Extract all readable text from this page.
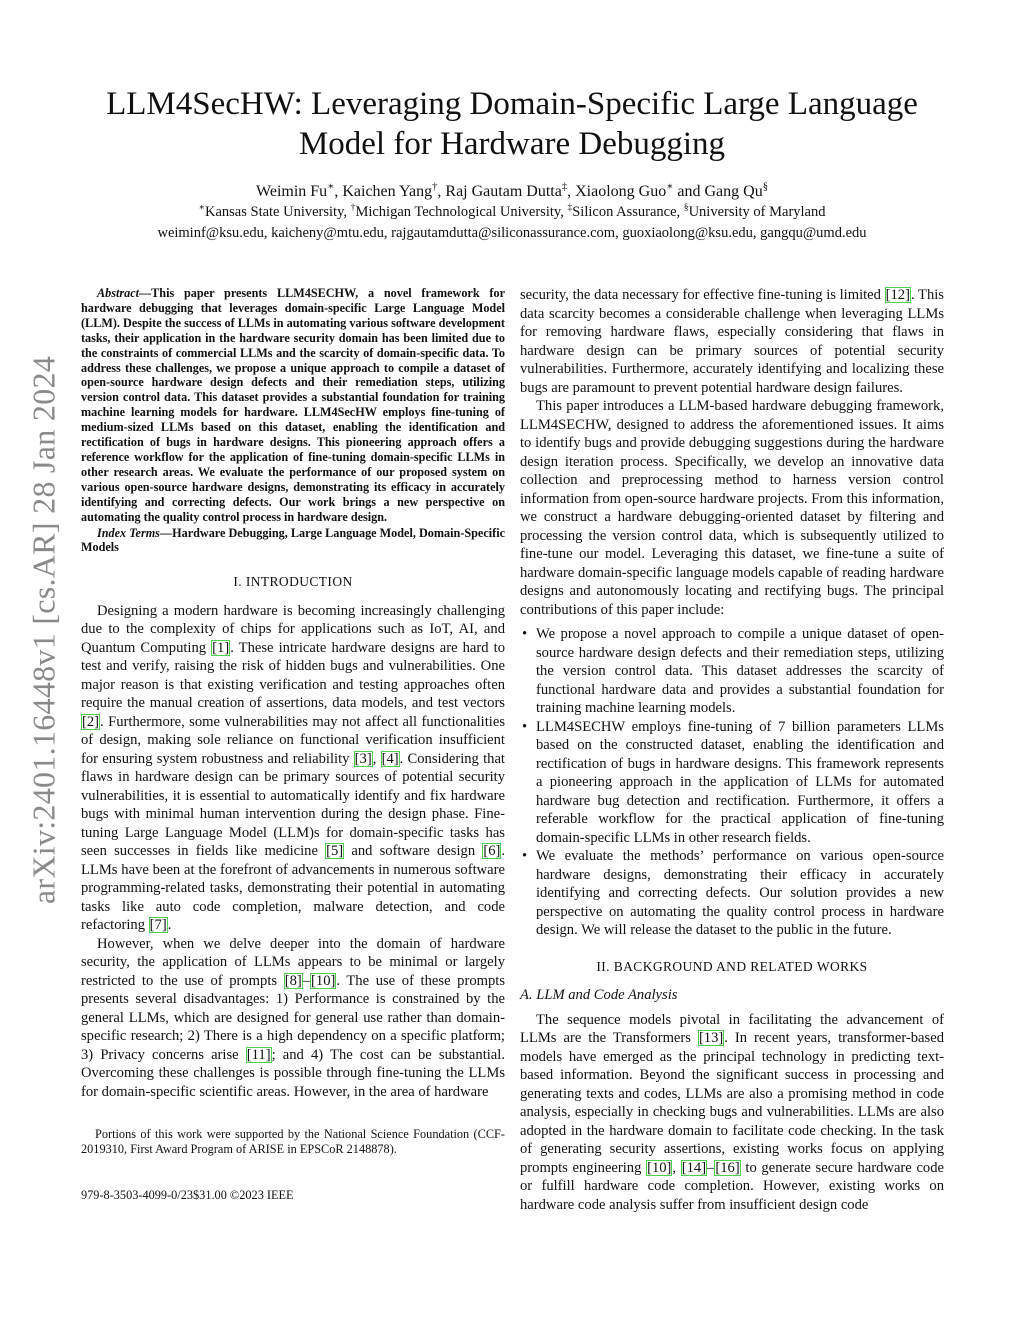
arXiv:2401.16448v1 [cs.AR] 28 Jan 2024
LLM4SecHW: Leveraging Domain-Specific Large Language
Model for Hardware Debugging
Weimin Fu∗, Kaichen Yang†, Raj Gautam Dutta‡, Xiaolong Guo∗ and Gang Qu§
∗Kansas State University, †Michigan Technological University, ‡Silicon Assurance, §University of Maryland
weiminf@ksu.edu, kaicheny@mtu.edu, rajgautamdutta@siliconassurance.com, guoxiaolong@ksu.edu, gangqu@umd.edu

Abstract—This paper presents LLM4SECHW, a novel framework for hardware debugging that leverages domain-specific Large Language Model (LLM). Despite the success of LLMs in automating various software development tasks, their application in the hardware security domain has been limited due to the constraints of commercial LLMs and the scarcity of domain-specific data. To address these challenges, we propose a unique approach to compile a dataset of open-source hardware design defects and their remediation steps, utilizing version control data. This dataset provides a substantial foundation for training machine learning models for hardware. LLM4SecHW employs fine-tuning of medium-sized LLMs based on this dataset, enabling the identification and rectification of bugs in hardware designs. This pioneering approach offers a reference workflow for the application of fine-tuning domain-specific LLMs in other research areas. We evaluate the performance of our proposed system on various open-source hardware designs, demonstrating its efficacy in accurately identifying and correcting defects. Our work brings a new perspective on automating the quality control process in hardware design.

Index Terms—Hardware Debugging, Large Language Model, Domain-Specific Models

I. INTRODUCTION

Designing a modern hardware is becoming increasingly challenging due to the complexity of chips for applications such as IoT, AI, and Quantum Computing [1]. These intricate hardware designs are hard to test and verify, raising the risk of hidden bugs and vulnerabilities. One major reason is that existing verification and testing approaches often require the manual creation of assertions, data models, and test vectors [2]. Furthermore, some vulnerabilities may not affect all functionalities of design, making sole reliance on functional verification insufficient for ensuring system robustness and reliability [3], [4]. Considering that flaws in hardware design can be primary sources of potential security vulnerabilities, it is essential to automatically identify and fix hardware bugs with minimal human intervention during the design phase. Fine-tuning Large Language Model (LLM)s for domain-specific tasks has seen successes in fields like medicine [5] and software design [6]. LLMs have been at the forefront of advancements in numerous software programming-related tasks, demonstrating their potential in automating tasks like auto code completion, malware detection, and code refactoring [7].

However, when we delve deeper into the domain of hardware security, the application of LLMs appears to be minimal or largely restricted to the use of prompts [8]–[10]. The use of these prompts presents several disadvantages: 1) Performance is constrained by the general LLMs, which are designed for general use rather than domain-specific research; 2) There is a high dependency on a specific platform; 3) Privacy concerns arise [11]; and 4) The cost can be substantial. Overcoming these challenges is possible through fine-tuning the LLMs for domain-specific scientific areas. However, in the area of hardware

Portions of this work were supported by the National Science Foundation (CCF-2019310, First Award Program of ARISE in EPSCoR 2148878).

979-8-3503-4099-0/23$31.00 ©2023 IEEE

security, the data necessary for effective fine-tuning is limited [12]. This data scarcity becomes a considerable challenge when leveraging LLMs for removing hardware flaws, especially considering that flaws in hardware design can be primary sources of potential security vulnerabilities. Furthermore, accurately identifying and localizing these bugs are paramount to prevent potential hardware design failures.

This paper introduces a LLM-based hardware debugging framework, LLM4SECHW, designed to address the aforementioned issues. It aims to identify bugs and provide debugging suggestions during the hardware design iteration process. Specifically, we develop an innovative data collection and preprocessing method to harness version control information from open-source hardware projects. From this information, we construct a hardware debugging-oriented dataset by filtering and processing the version control data, which is subsequently utilized to fine-tune our model. Leveraging this dataset, we fine-tune a suite of hardware domain-specific language models capable of reading hardware designs and autonomously locating and rectifying bugs. The principal contributions of this paper include:

• We propose a novel approach to compile a unique dataset of open-source hardware design defects and their remediation steps, utilizing the version control data. This dataset addresses the scarcity of functional hardware data and provides a substantial foundation for training machine learning models.

• LLM4SECHW employs fine-tuning of 7 billion parameters LLMs based on the constructed dataset, enabling the identification and rectification of bugs in hardware designs. This framework represents a pioneering approach in the application of LLMs for automated hardware bug detection and rectification. Furthermore, it offers a referable workflow for the practical application of fine-tuning domain-specific LLMs in other research fields.

• We evaluate the methods’ performance on various open-source hardware designs, demonstrating their efficacy in accurately identifying and correcting defects. Our solution provides a new perspective on automating the quality control process in hardware design. We will release the dataset to the public in the future.

II. BACKGROUND AND RELATED WORKS
A. LLM and Code Analysis

The sequence models pivotal in facilitating the advancement of LLMs are the Transformers [13]. In recent years, transformer-based models have emerged as the principal technology in predicting text-based information. Beyond the significant success in processing and generating texts and codes, LLMs are also a promising method in code analysis, especially in checking bugs and vulnerabilities. LLMs are also adopted in the hardware domain to facilitate code checking. In the task of generating security assertions, existing works focus on applying prompts engineering [10], [14]–[16] to generate secure hardware code or fulfill hardware code completion. However, existing works on hardware code analysis suffer from insufficient design code
